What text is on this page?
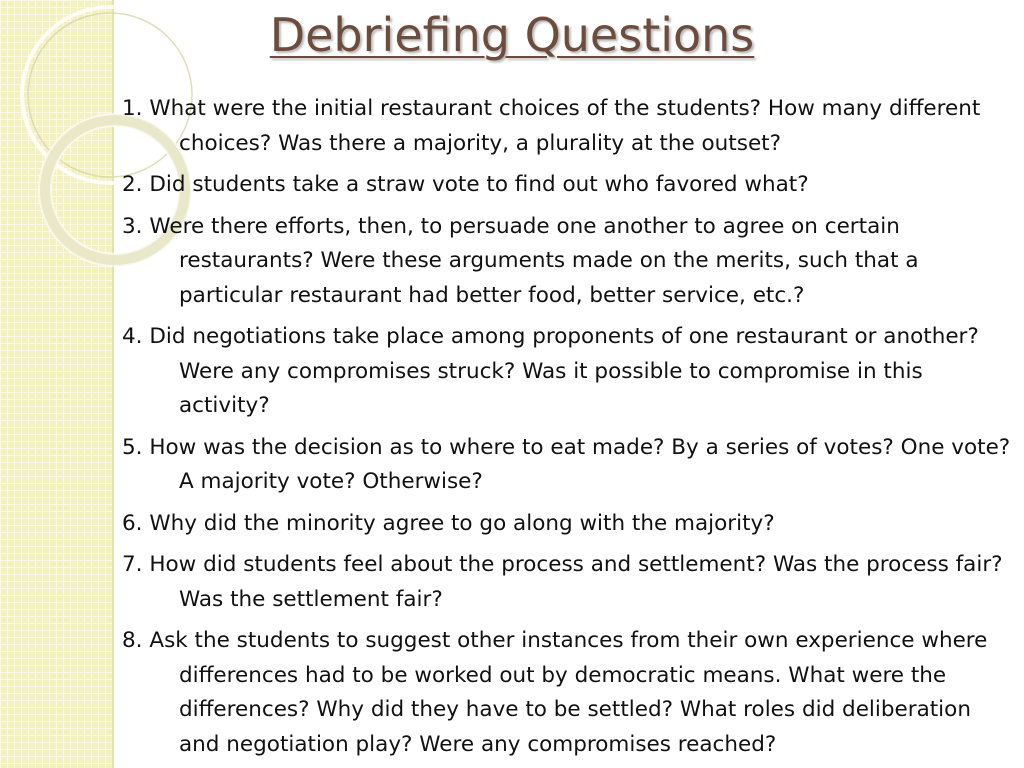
Debriefing Questions
1. What were the initial restaurant choices of the students? How many different choices? Was there a majority, a plurality at the outset?
2. Did students take a straw vote to find out who favored what?
3. Were there efforts, then, to persuade one another to agree on certain restaurants? Were these arguments made on the merits, such that a particular restaurant had better food, better service, etc.?
4. Did negotiations take place among proponents of one restaurant or another? Were any compromises struck? Was it possible to compromise in this activity?
5. How was the decision as to where to eat made? By a series of votes? One vote? A majority vote? Otherwise?
6. Why did the minority agree to go along with the majority?
7. How did students feel about the process and settlement? Was the process fair? Was the settlement fair?
8. Ask the students to suggest other instances from their own experience where differences had to be worked out by democratic means. What were the differences? Why did they have to be settled? What roles did deliberation and negotiation play? Were any compromises reached?
